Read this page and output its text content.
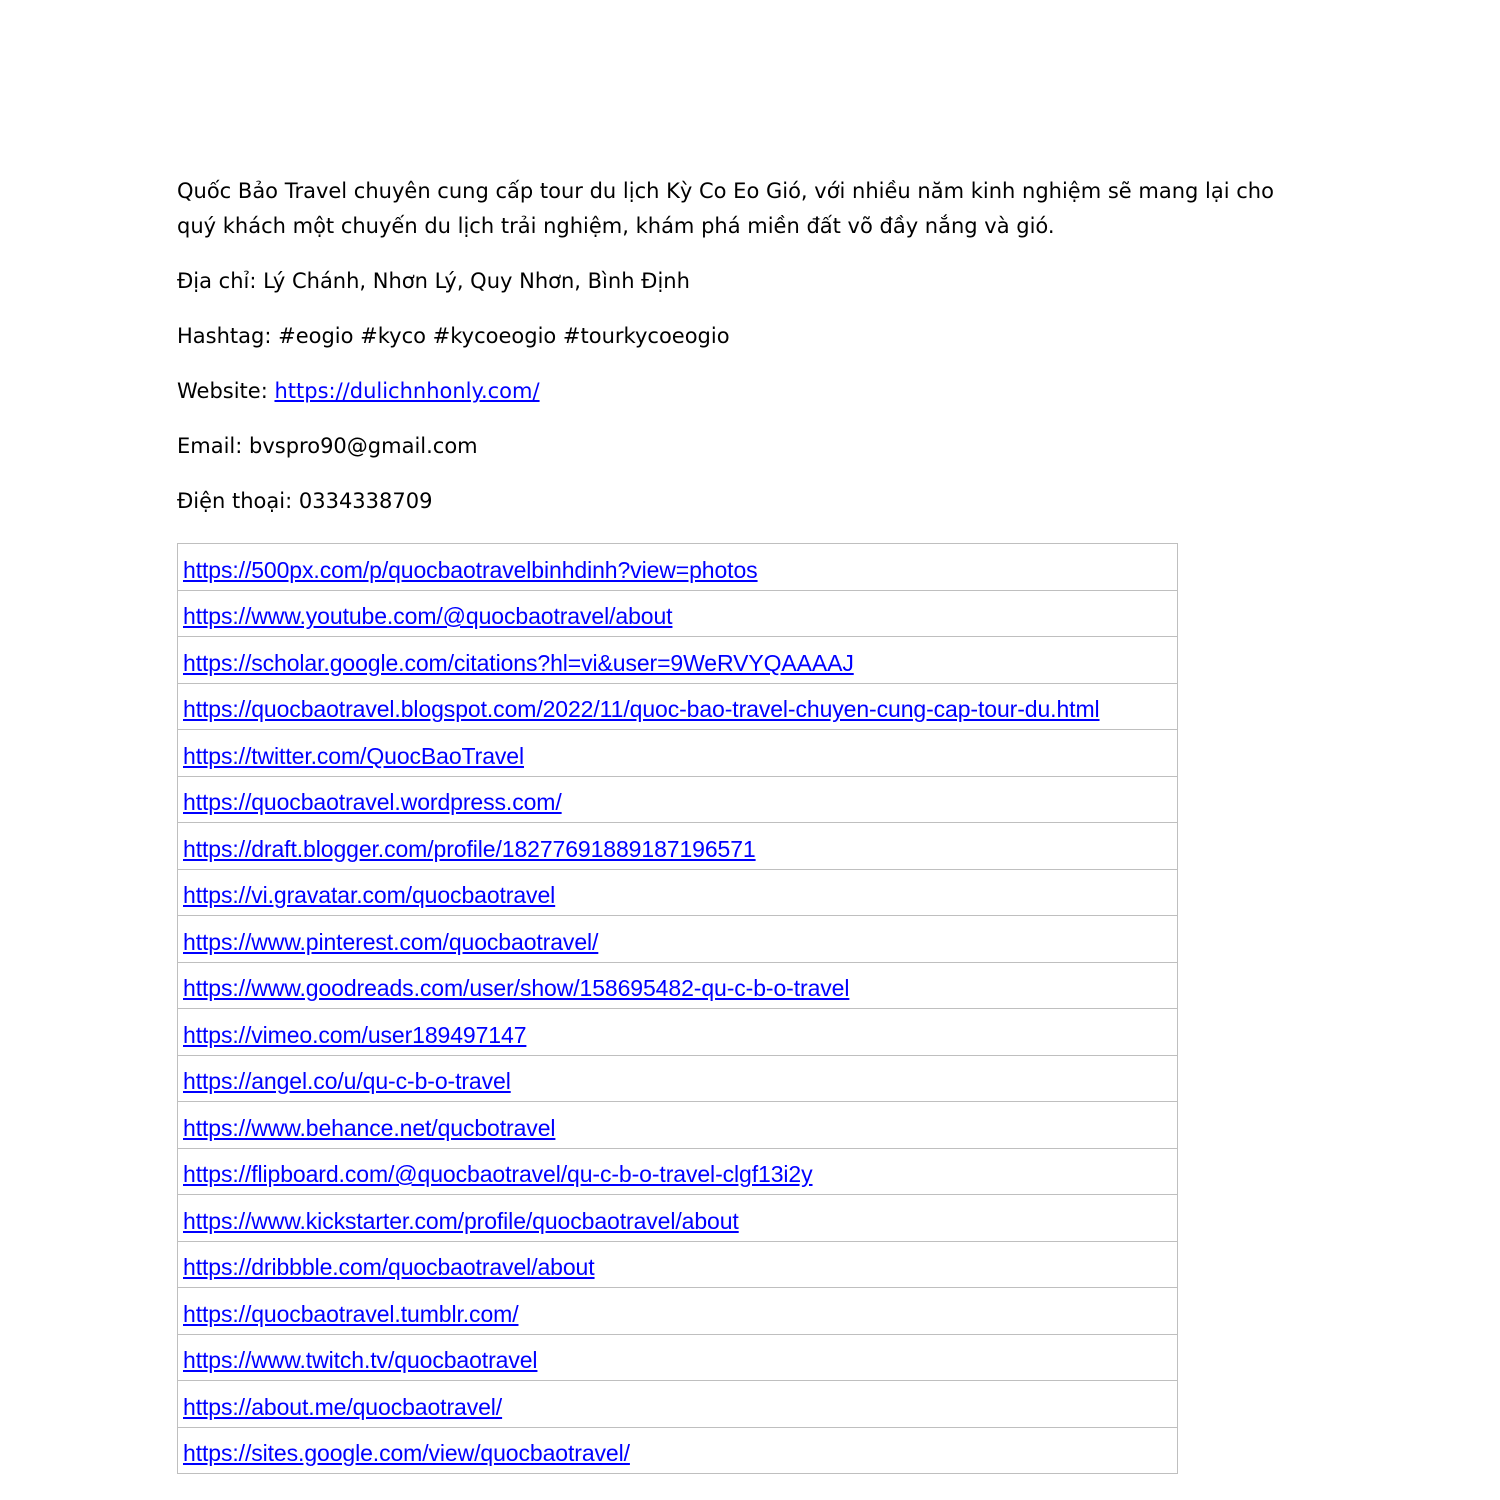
Quốc Bảo Travel chuyên cung cấp tour du lịch Kỳ Co Eo Gió, với nhiều năm kinh nghiệm sẽ mang lại cho quý khách một chuyến du lịch trải nghiệm, khám phá miền đất võ đầy nắng và gió.

Địa chỉ: Lý Chánh, Nhơn Lý, Quy Nhơn, Bình Định

Hashtag: #eogio #kyco #kycoeogio #tourkycoeogio

Website: https://dulichnhonly.com/

Email: bvspro90@gmail.com

Điện thoại: 0334338709

https://500px.com/p/quocbaotravelbinhdinh?view=photos
https://www.youtube.com/@quocbaotravel/about
https://scholar.google.com/citations?hl=vi&user=9WeRVYQAAAAJ
https://quocbaotravel.blogspot.com/2022/11/quoc-bao-travel-chuyen-cung-cap-tour-du.html
https://twitter.com/QuocBaoTravel
https://quocbaotravel.wordpress.com/
https://draft.blogger.com/profile/18277691889187196571
https://vi.gravatar.com/quocbaotravel
https://www.pinterest.com/quocbaotravel/
https://www.goodreads.com/user/show/158695482-qu-c-b-o-travel
https://vimeo.com/user189497147
https://angel.co/u/qu-c-b-o-travel
https://www.behance.net/qucbotravel
https://flipboard.com/@quocbaotravel/qu-c-b-o-travel-clgf13i2y
https://www.kickstarter.com/profile/quocbaotravel/about
https://dribbble.com/quocbaotravel/about
https://quocbaotravel.tumblr.com/
https://www.twitch.tv/quocbaotravel
https://about.me/quocbaotravel/
https://sites.google.com/view/quocbaotravel/
